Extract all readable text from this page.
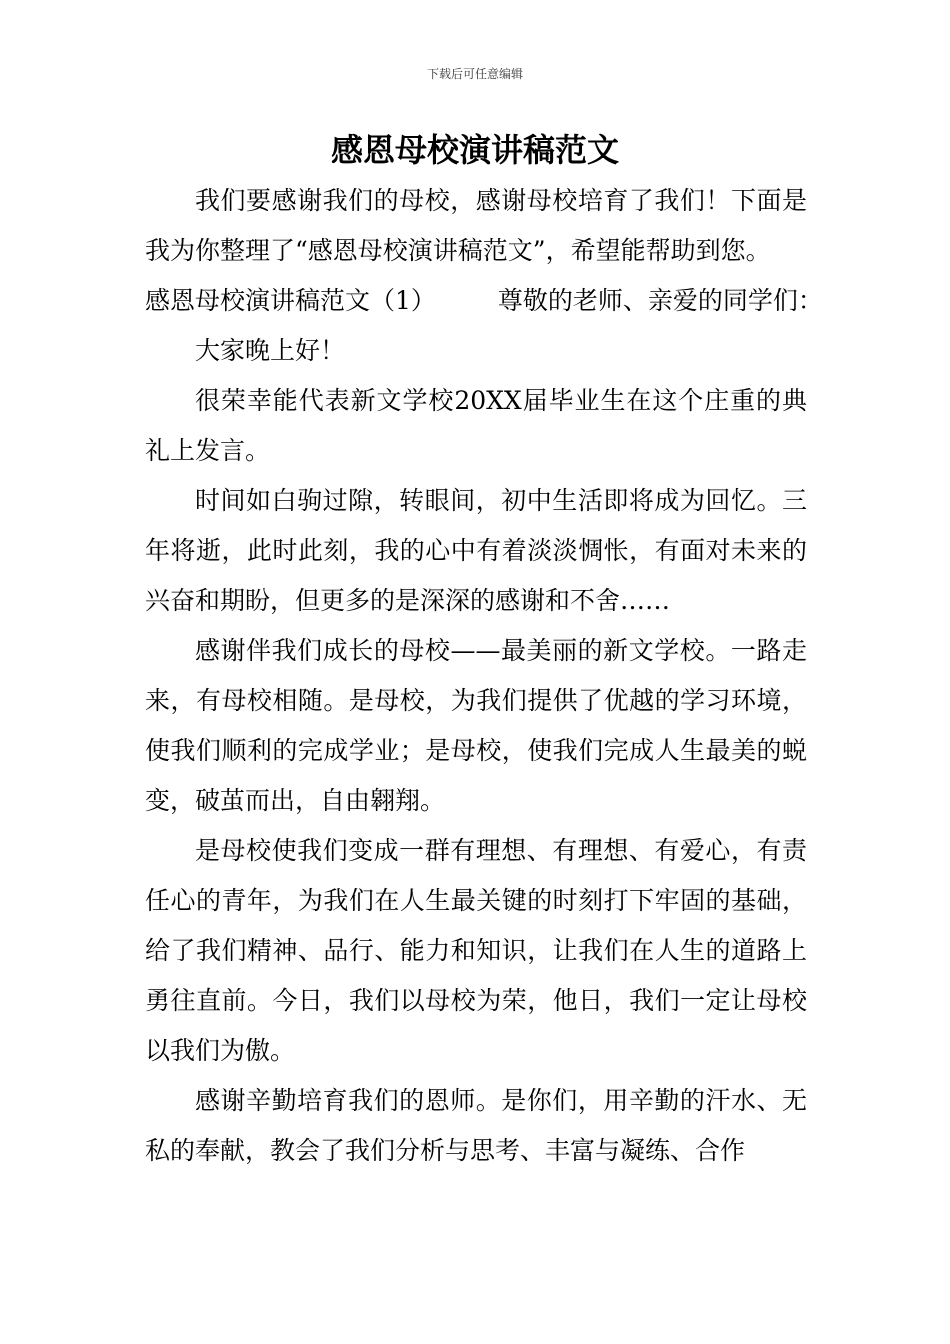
下载后可任意编辑
感恩母校演讲稿范文

我们要感谢我们的母校，感谢母校培育了我们！下面是我为你整理了“感恩母校演讲稿范文”，希望能帮助到您。

感恩母校演讲稿范文（1） 尊敬的老师、亲爱的同学们：

大家晚上好！

很荣幸能代表新文学校20XX届毕业生在这个庄重的典礼上发言。

时间如白驹过隙，转眼间，初中生活即将成为回忆。三年将逝，此时此刻，我的心中有着淡淡惆怅，有面对未来的兴奋和期盼，但更多的是深深的感谢和不舍……

感谢伴我们成长的母校——最美丽的新文学校。一路走来，有母校相随。是母校，为我们提供了优越的学习环境，使我们顺利的完成学业；是母校，使我们完成人生最美的蜕变，破茧而出，自由翱翔。

是母校使我们变成一群有理想、有理想、有爱心，有责任心的青年，为我们在人生最关键的时刻打下牢固的基础，给了我们精神、品行、能力和知识，让我们在人生的道路上勇往直前。今日，我们以母校为荣，他日，我们一定让母校以我们为傲。

感谢辛勤培育我们的恩师。是你们，用辛勤的汗水、无私的奉献，教会了我们分析与思考、丰富与凝练、合作
